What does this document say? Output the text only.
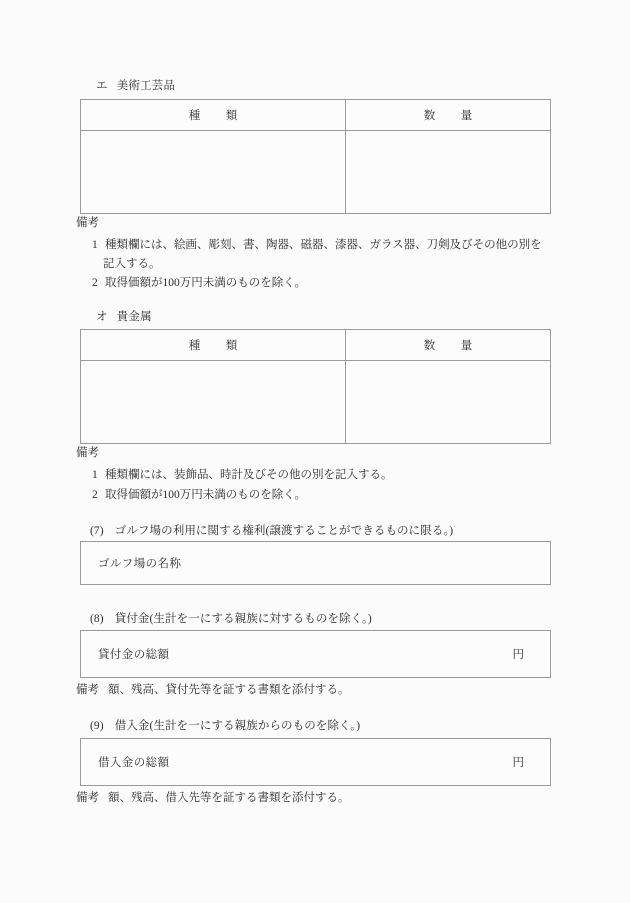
エ 美術工芸品
種　類	数　量
備考
1 種類欄には、絵画、彫刻、書、陶器、磁器、漆器、ガラス器、刀剣及びその他の別を
記入する。
2 取得価額が100万円未満のものを除く。
オ 貴金属
種　類	数　量
備考
1 種類欄には、装飾品、時計及びその他の別を記入する。
2 取得価額が100万円未満のものを除く。
(7) ゴルフ場の利用に関する権利(譲渡することができるものに限る。)
ゴルフ場の名称
(8) 貸付金(生計を一にする親族に対するものを除く。)
貸付金の総額	円
備考 額、残高、貸付先等を証する書類を添付する。
(9) 借入金(生計を一にする親族からのものを除く。)
借入金の総額	円
備考 額、残高、借入先等を証する書類を添付する。
